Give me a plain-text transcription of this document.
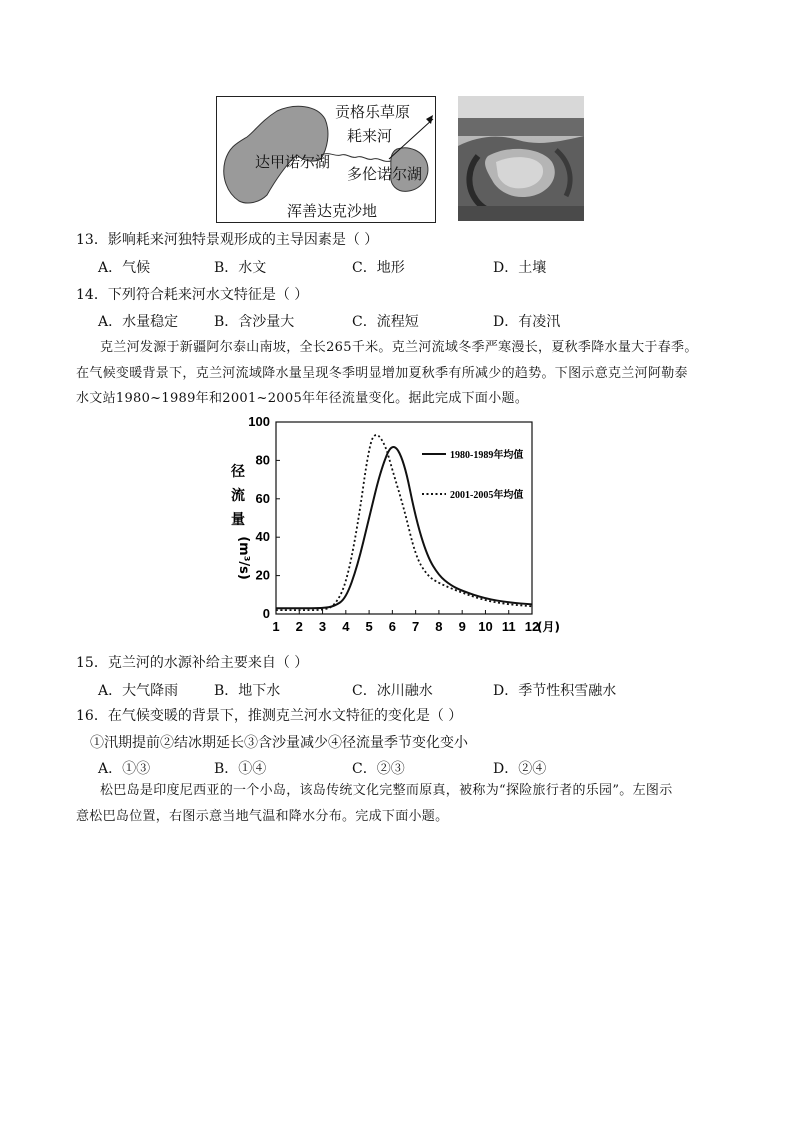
贡格乐草原
耗来河
达甲诺尔湖
多伦诺尔湖
浑善达克沙地
13．影响耗来河独特景观形成的主导因素是（ ）
A．气候	B．水文	C．地形	D．土壤
14．下列符合耗来河水文特征是（ ）
A．水量稳定	B．含沙量大	C．流程短	D．有凌汛
克兰河发源于新疆阿尔泰山南坡，全长265千米。克兰河流域冬季严寒漫长，夏秋季降水量大于春季。
在气候变暖背景下，克兰河流域降水量呈现冬季明显增加夏秋季有所减少的趋势。下图示意克兰河阿勒泰
水文站1980~1989年和2001~2005年年径流量变化。据此完成下面小题。
0
20
40
60
80
100
1 2 3 4 5 6 7 8 9 10 11 12
(月)
径
流
量
(m³/s)
1980-1989年均值
2001-2005年均值
15．克兰河的水源补给主要来自（ ）
A．大气降雨	B．地下水	C．冰川融水	D．季节性积雪融水
16．在气候变暖的背景下，推测克兰河水文特征的变化是（ ）
①汛期提前②结冰期延长③含沙量减少④径流量季节变化变小
A．①③	B．①④	C．②③	D．②④
松巴岛是印度尼西亚的一个小岛，该岛传统文化完整而原真，被称为“探险旅行者的乐园”。左图示
意松巴岛位置，右图示意当地气温和降水分布。完成下面小题。
